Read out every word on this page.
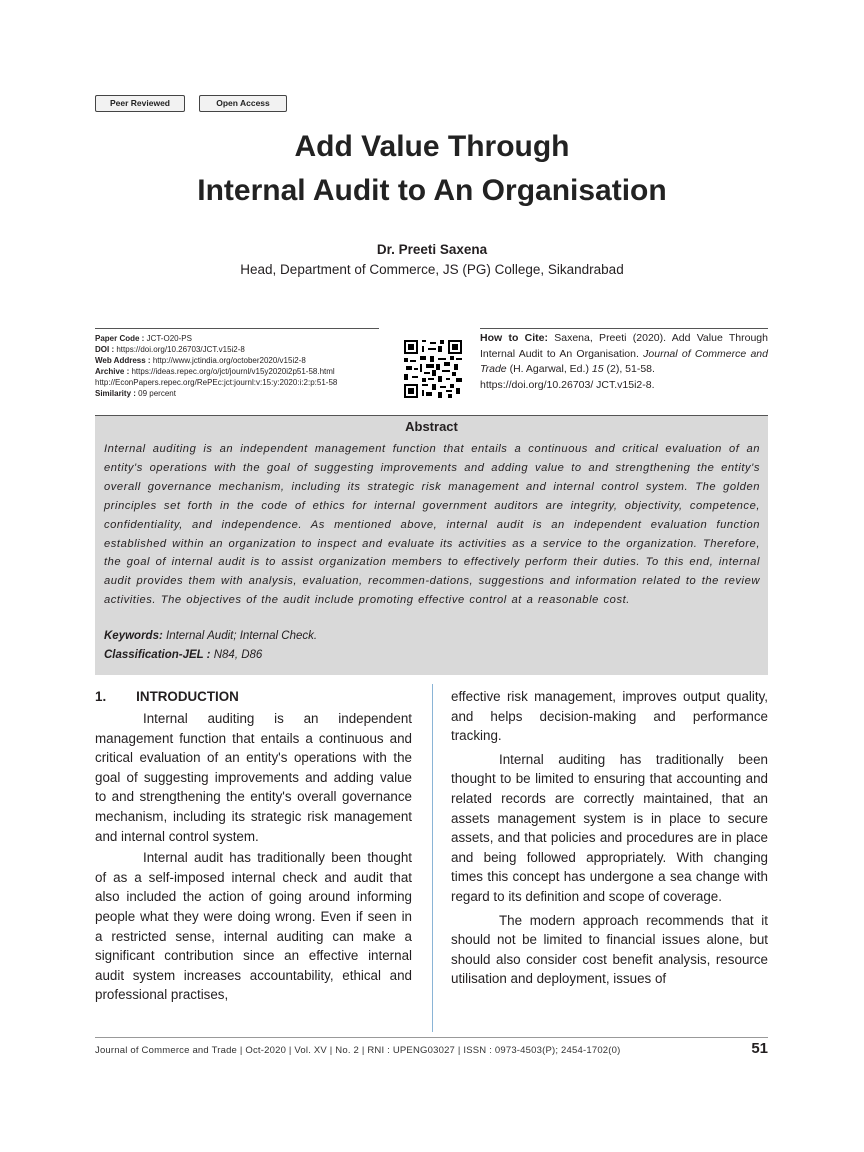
Peer Reviewed	Open Access
Add Value Through
Internal Audit to An Organisation
Dr. Preeti Saxena
Head, Department of Commerce, JS (PG) College, Sikandrabad
Paper Code : JCT-O20-PS
DOI : https://doi.org/10.26703/JCT.v15i2-8
Web Address : http://www.jctindia.org/october2020/v15i2-8
Archive : https://ideas.repec.org/o/jct/journl/v15y2020i2p51-58.html
http://EconPapers.repec.org/RePEc:jct:journl:v:15:y:2020:i:2:p:51-58
Similarity : 09 percent
How to Cite: Saxena, Preeti (2020). Add Value Through Internal Audit to An Organisation. Journal of Commerce and Trade (H. Agarwal, Ed.) 15 (2), 51-58.
https://doi.org/10.26703/ JCT.v15i2-8.
Abstract
Internal auditing is an independent management function that entails a continuous and critical evaluation of an entity's operations with the goal of suggesting improvements and adding value to and strengthening the entity's overall governance mechanism, including its strategic risk management and internal control system. The golden principles set forth in the code of ethics for internal government auditors are integrity, objectivity, competence, confidentiality, and independence. As mentioned above, internal audit is an independent evaluation function established within an organization to inspect and evaluate its activities as a service to the organization. Therefore, the goal of internal audit is to assist organization members to effectively perform their duties. To this end, internal audit provides them with analysis, evaluation, recommen-dations, suggestions and information related to the review activities. The objectives of the audit include promoting effective control at a reasonable cost.
Keywords: Internal Audit; Internal Check.
Classification-JEL : N84, D86
1. INTRODUCTION

Internal auditing is an independent management function that entails a continuous and critical evaluation of an entity's operations with the goal of suggesting improvements and adding value to and strengthening the entity's overall governance mechanism, including its strategic risk management and internal control system.

Internal audit has traditionally been thought of as a self-imposed internal check and audit that also included the action of going around informing people what they were doing wrong. Even if seen in a restricted sense, internal auditing can make a significant contribution since an effective internal audit system increases accountability, ethical and professional practises,

effective risk management, improves output quality, and helps decision-making and performance tracking.

Internal auditing has traditionally been thought to be limited to ensuring that accounting and related records are correctly maintained, that an assets management system is in place to secure assets, and that policies and procedures are in place and being followed appropriately. With changing times this concept has undergone a sea change with regard to its definition and scope of coverage.

The modern approach recommends that it should not be limited to financial issues alone, but should also consider cost benefit analysis, resource utilisation and deployment, issues of

Journal of Commerce and Trade | Oct-2020 | Vol. XV | No. 2 | RNI : UPENG03027 | ISSN : 0973-4503(P); 2454-1702(0)	51
